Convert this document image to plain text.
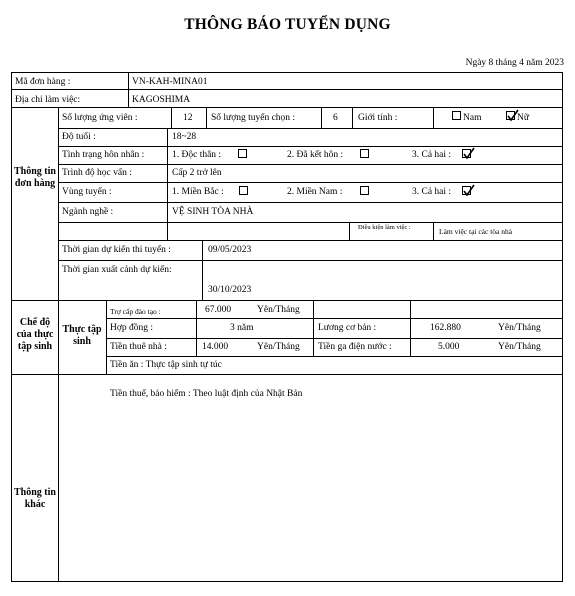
THÔNG BÁO TUYỂN DỤNG
Ngày 8 tháng 4 năm 2023
Mã đơn hàng :	VN-KAH-MINA01
Địa chi làm việc:	KAGOSHIMA
Thông tin đơn hàng
Số lượng ứng viên :	12 Số lượng tuyển chọn :	6 Giới tính :	Nam	Nữ
Độ tuổi :	18~28
Tình trạng hôn nhân :	1. Độc thân :	2. Đã kết hôn :	3. Cả hai :
Trình độ học vấn :	Cấp 2 trở lên
Vùng tuyển :	1. Miền Bắc :	2. Miền Nam :	3. Cả hai :
Ngành nghề :	VỆ SINH TÒA NHÀ
Điều kiện làm việc :	Làm việc tại các tòa nhà
Thời gian dự kiến thi tuyển :	09/05/2023
Thời gian xuất cảnh dự kiến:
30/10/2023
Chế độ của thực tập sinh
Thực tập sinh
Trợ cấp đào tạo :	67.000	Yên/Tháng
Hợp đồng :	3 năm	Lương cơ bản :	162.880	Yên/Tháng
Tiền thuê nhà :	14.000	Yên/Tháng Tiền ga điện nước :	5.000	Yên/Tháng
Tiền ăn : Thực tập sinh tự túc
Tiền thuế, bảo hiểm : Theo luật định của Nhật Bản
Thông tin khác
